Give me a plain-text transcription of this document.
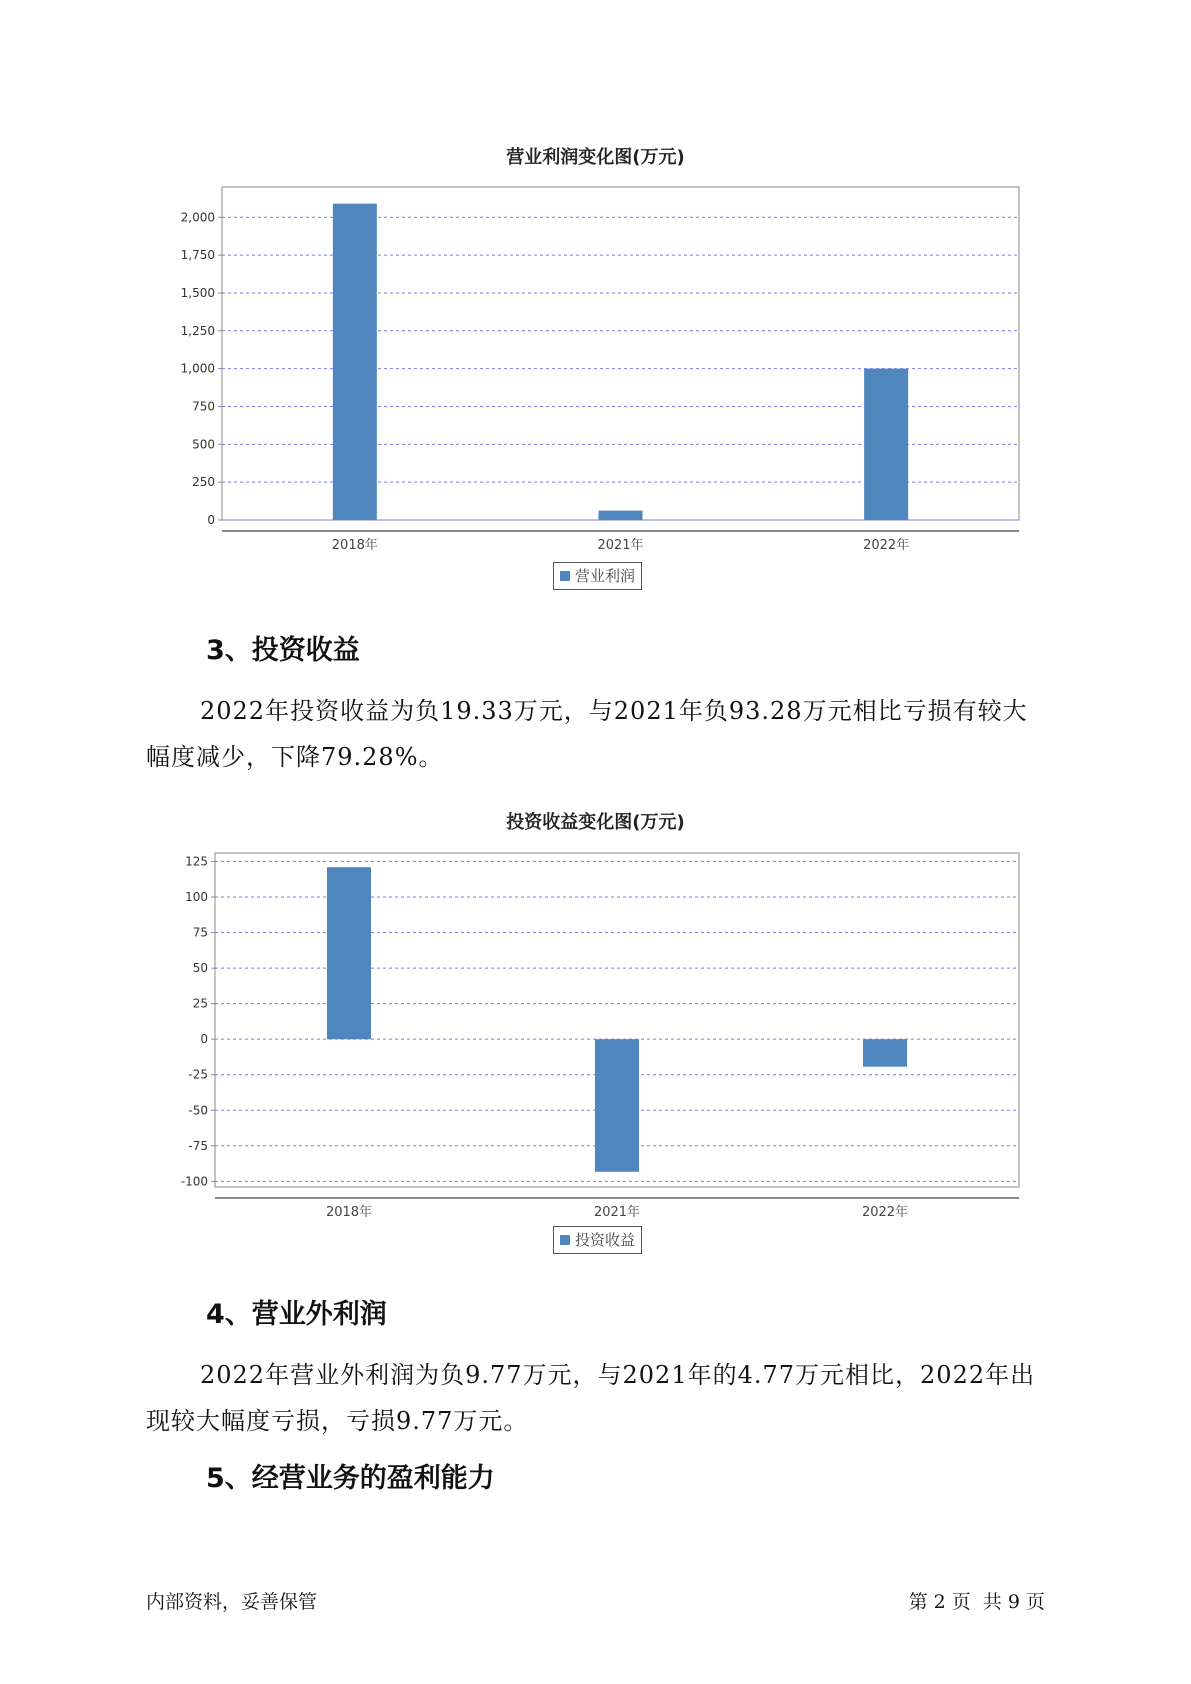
营业利润变化图(万元)
0
250
500
750
1,000
1,250
1,500
1,750
2,000
2018年	2021年	2022年
营业利润
3、投资收益

2022年投资收益为负19.33万元，与2021年负93.28万元相比亏损有较大幅度减少，下降79.28%。

投资收益变化图(万元)
-100
-75
-50
-25
0
25
50
75
100
125
2018年	2021年	2022年
投资收益
4、营业外利润

2022年营业外利润为负9.77万元，与2021年的4.77万元相比，2022年出现较大幅度亏损，亏损9.77万元。

5、经营业务的盈利能力
内部资料，妥善保管	第 2 页  共 9 页
